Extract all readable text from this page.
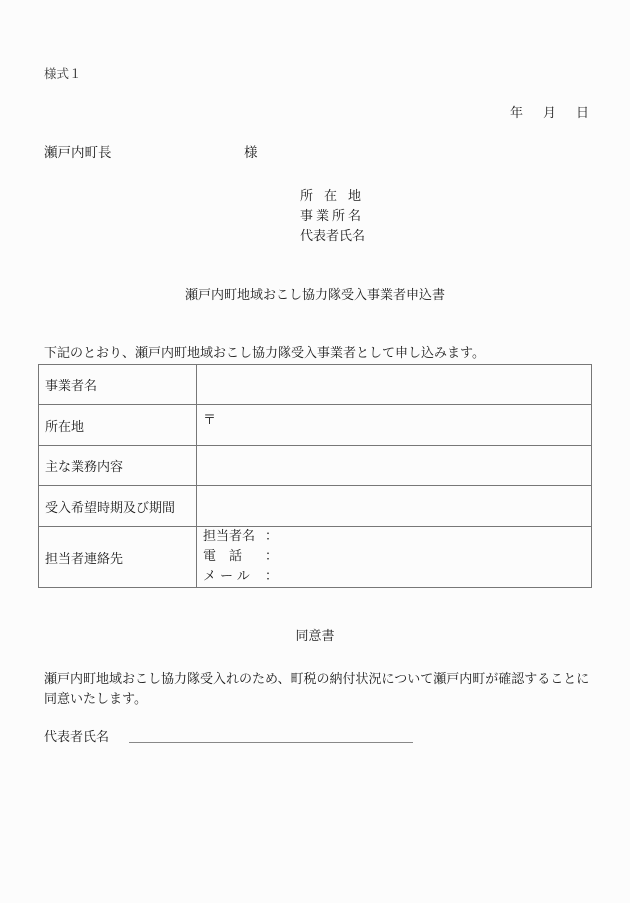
様式１
年 月 日
瀬戸内町長	様
所在地
事業所名
代表者氏名
瀬戸内町地域おこし協力隊受入事業者申込書
下記のとおり、瀬戸内町地域おこし協力隊受入事業者として申し込みます。
事業者名	
所在地	〒
主な業務内容	
受入希望時期及び期間	
担当者連絡先	担当者名 ：
電　話 ：
メール ：
同意書
瀬戸内町地域おこし協力隊受入れのため、町税の納付状況について瀬戸内町が確認することに同意いたします。
代表者氏名
